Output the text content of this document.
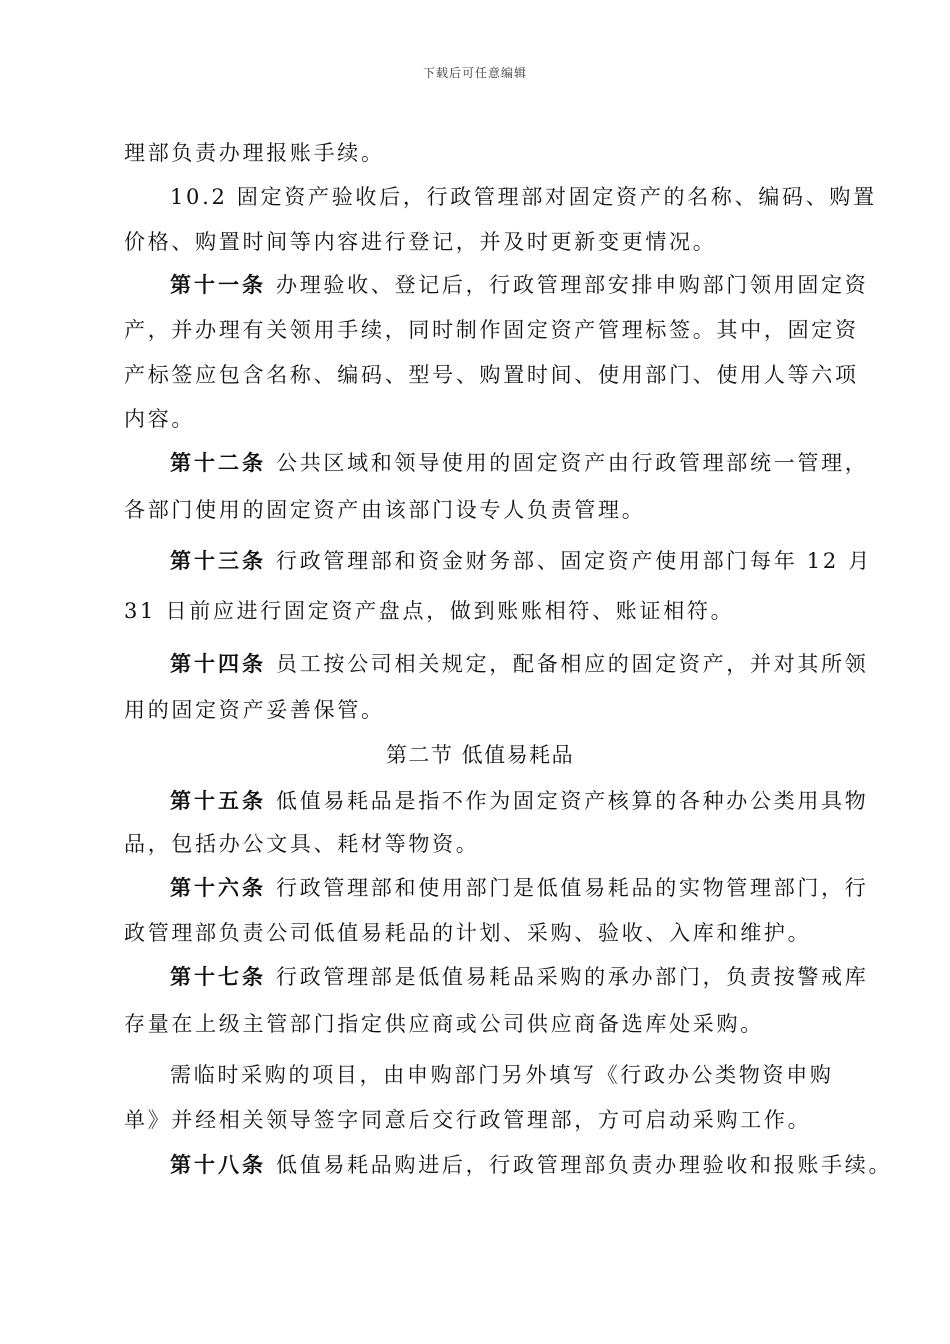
下载后可任意编辑
理部负责办理报账手续。
10.2 固定资产验收后，行政管理部对固定资产的名称、编码、购置
价格、购置时间等内容进行登记，并及时更新变更情况。
第十一条 办理验收、登记后，行政管理部安排申购部门领用固定资
产，并办理有关领用手续，同时制作固定资产管理标签。其中，固定资
产标签应包含名称、编码、型号、购置时间、使用部门、使用人等六项
内容。
第十二条 公共区域和领导使用的固定资产由行政管理部统一管理，
各部门使用的固定资产由该部门设专人负责管理。
第十三条 行政管理部和资金财务部、固定资产使用部门每年 12 月
31 日前应进行固定资产盘点，做到账账相符、账证相符。
第十四条 员工按公司相关规定，配备相应的固定资产，并对其所领
用的固定资产妥善保管。
第二节 低值易耗品
第十五条 低值易耗品是指不作为固定资产核算的各种办公类用具物
品，包括办公文具、耗材等物资。
第十六条 行政管理部和使用部门是低值易耗品的实物管理部门，行
政管理部负责公司低值易耗品的计划、采购、验收、入库和维护。
第十七条 行政管理部是低值易耗品采购的承办部门，负责按警戒库
存量在上级主管部门指定供应商或公司供应商备选库处采购。
需临时采购的项目，由申购部门另外填写《行政办公类物资申购
单》并经相关领导签字同意后交行政管理部，方可启动采购工作。
第十八条 低值易耗品购进后，行政管理部负责办理验收和报账手续。
